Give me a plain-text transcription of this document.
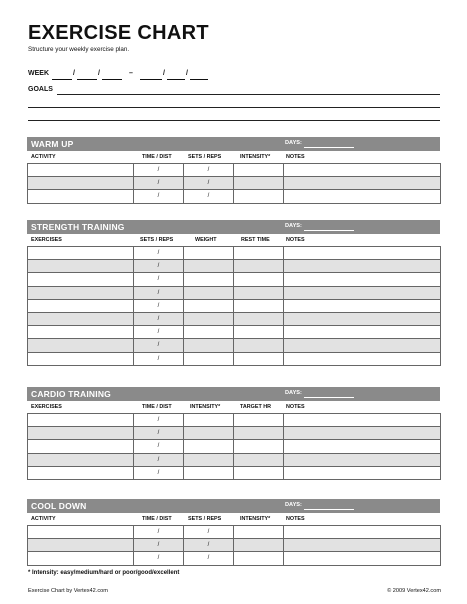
EXERCISE CHART
Structure your weekly exercise plan.
WEEK	/	/	–	/	/
GOALS
WARM UP	DAYS:
ACTIVITY	TIME / DIST	SETS / REPS	INTENSITY*	NOTES
	/	/		
	/	/		
	/	/		
STRENGTH TRAINING	DAYS:
EXERCISES	SETS / REPS	WEIGHT	REST TIME	NOTES
	/			
	/			
	/			
	/			
	/			
	/			
	/			
	/			
	/			
CARDIO TRAINING	DAYS:
EXERCISES	TIME / DIST	INTENSITY*	TARGET HR	NOTES
	/			
	/			
	/			
	/			
	/			
COOL DOWN	DAYS:
ACTIVITY	TIME / DIST	SETS / REPS	INTENSITY*	NOTES
	/	/		
	/	/		
	/	/		
* Intensity: easy/medium/hard or poor/good/excellent
Exercise Chart by Vertex42.com	© 2009 Vertex42.com
